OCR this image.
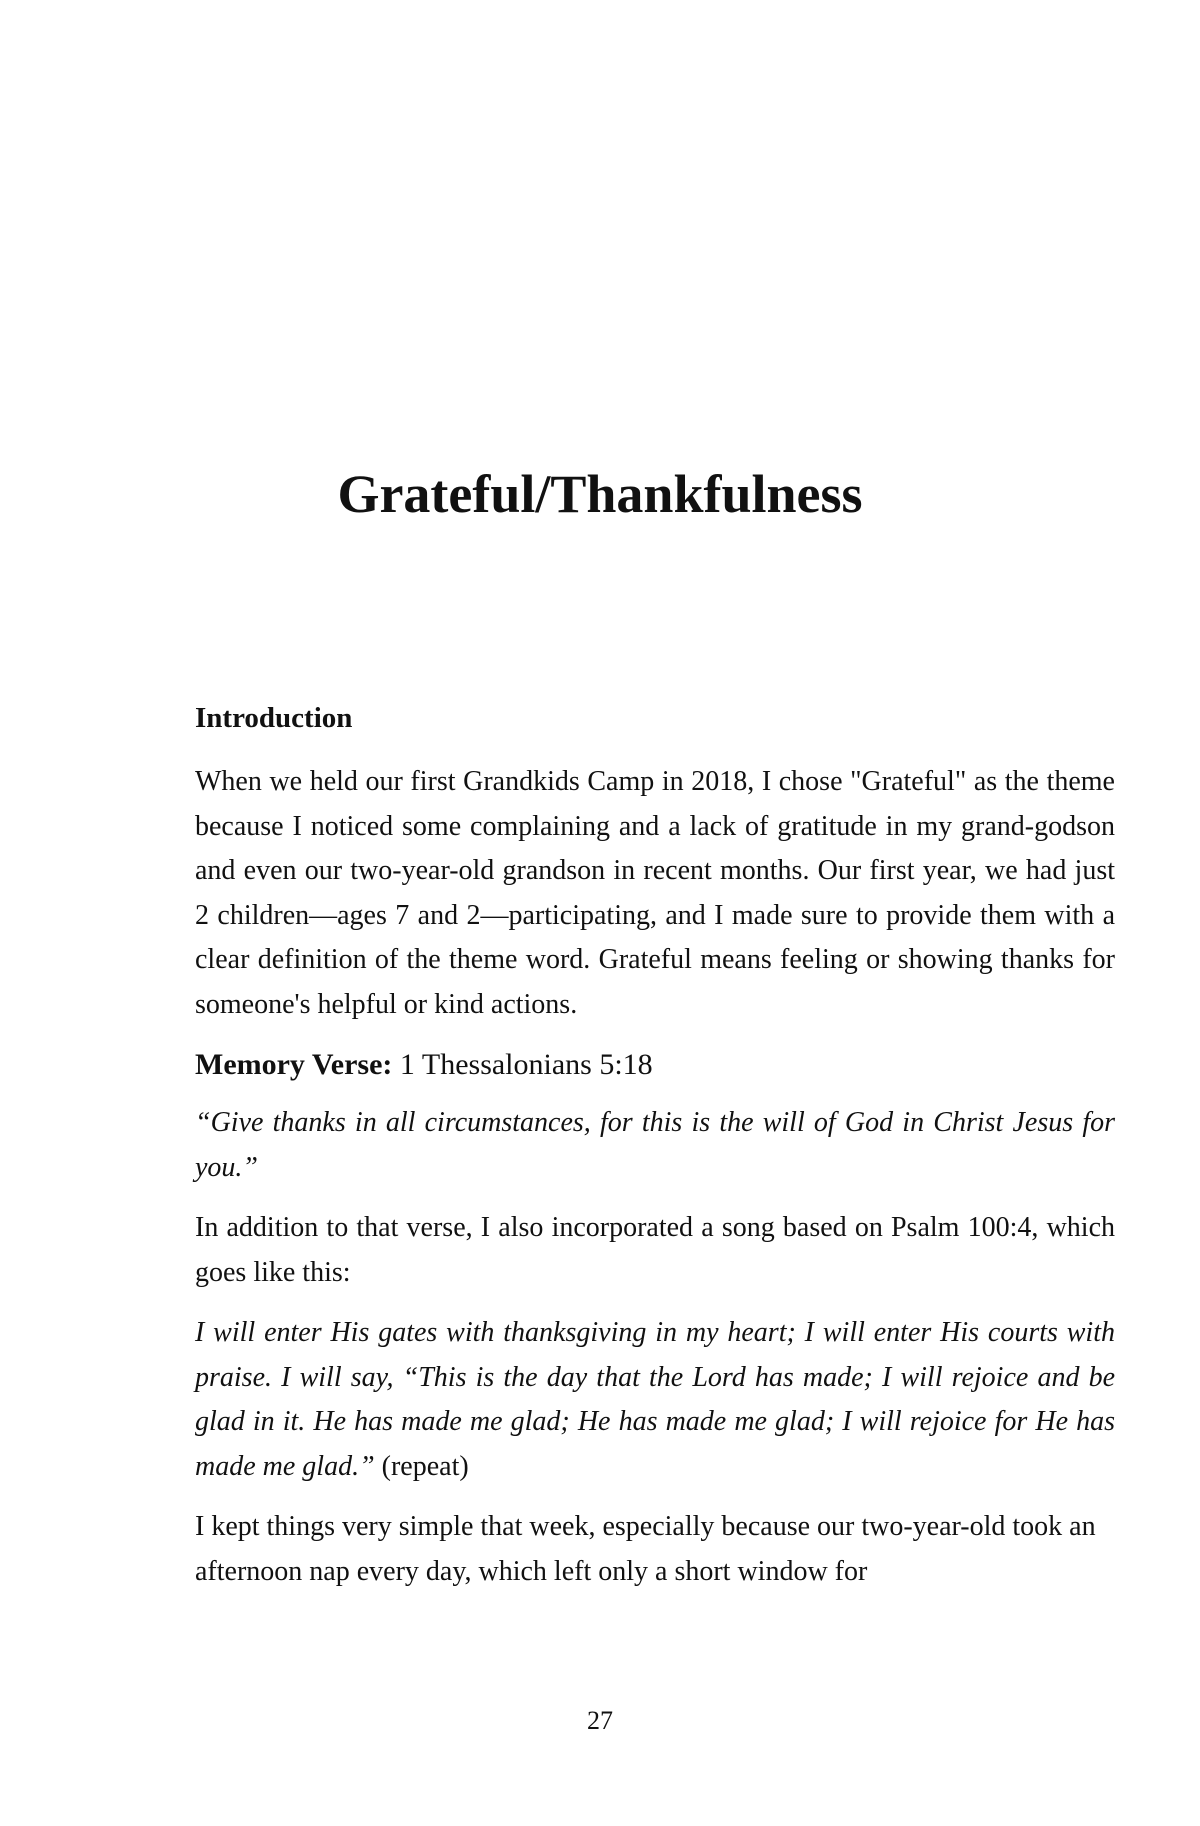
Grateful/Thankfulness
Introduction

When we held our first Grandkids Camp in 2018, I chose "Grateful" as the theme because I noticed some complaining and a lack of gratitude in my grand-godson and even our two-year-old grandson in recent months. Our first year, we had just 2 children—ages 7 and 2—participating, and I made sure to provide them with a clear definition of the theme word. Grateful means feeling or showing thanks for someone's helpful or kind actions.

Memory Verse: 1 Thessalonians 5:18

“Give thanks in all circumstances, for this is the will of God in Christ Jesus for you.”

In addition to that verse, I also incorporated a song based on Psalm 100:4, which goes like this:

I will enter His gates with thanksgiving in my heart; I will enter His courts with praise. I will say, “This is the day that the Lord has made; I will rejoice and be glad in it. He has made me glad; He has made me glad; I will rejoice for He has made me glad.” (repeat)

I kept things very simple that week, especially because our two-year-old took an afternoon nap every day, which left only a short window for

27
